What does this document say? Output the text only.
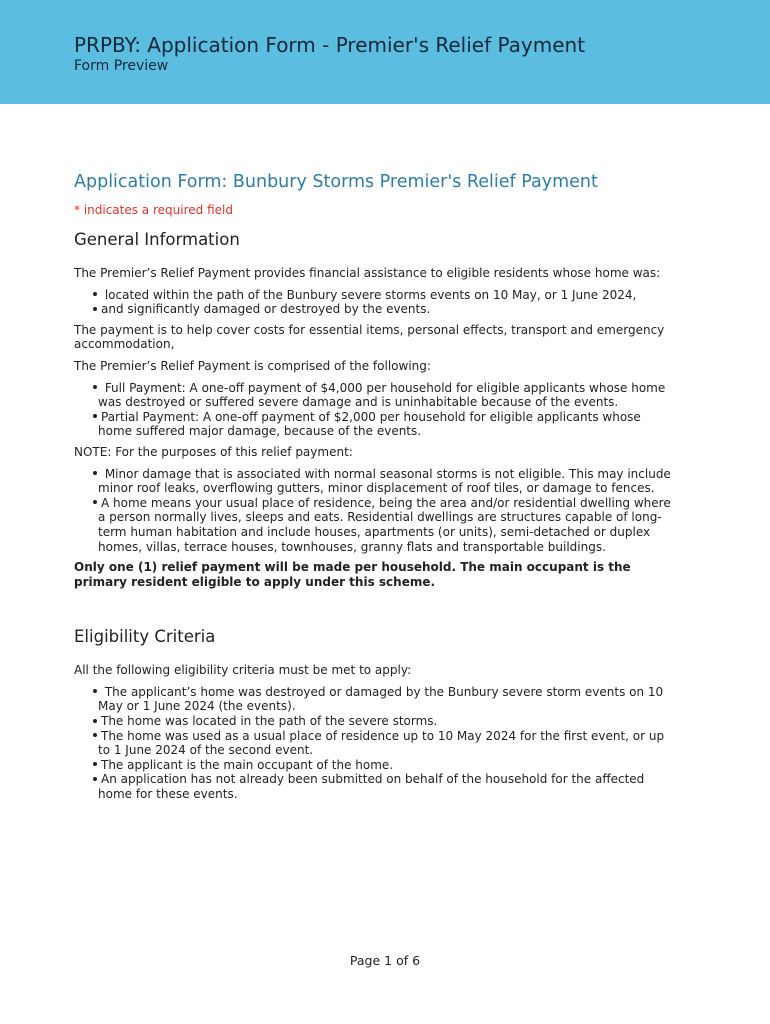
PRPBY: Application Form - Premier's Relief Payment
Form Preview
Application Form: Bunbury Storms Premier's Relief Payment
* indicates a required field
General Information
The Premier’s Relief Payment provides financial assistance to eligible residents whose home was:
located within the path of the Bunbury severe storms events on 10 May, or 1 June 2024,
and significantly damaged or destroyed by the events.
The payment is to help cover costs for essential items, personal effects, transport and emergency accommodation,
The Premier’s Relief Payment is comprised of the following:
Full Payment: A one-off payment of $4,000 per household for eligible applicants whose home was destroyed or suffered severe damage and is uninhabitable because of the events.
Partial Payment: A one-off payment of $2,000 per household for eligible applicants whose home suffered major damage, because of the events.
NOTE: For the purposes of this relief payment:
Minor damage that is associated with normal seasonal storms is not eligible. This may include minor roof leaks, overflowing gutters, minor displacement of roof tiles, or damage to fences.
A home means your usual place of residence, being the area and/or residential dwelling where a person normally lives, sleeps and eats. Residential dwellings are structures capable of long-term human habitation and include houses, apartments (or units), semi-detached or duplex homes, villas, terrace houses, townhouses, granny flats and transportable buildings.
Only one (1) relief payment will be made per household. The main occupant is the primary resident eligible to apply under this scheme.
Eligibility Criteria
All the following eligibility criteria must be met to apply:
The applicant’s home was destroyed or damaged by the Bunbury severe storm events on 10 May or 1 June 2024 (the events).
The home was located in the path of the severe storms.
The home was used as a usual place of residence up to 10 May 2024 for the first event, or up to 1 June 2024 of the second event.
The applicant is the main occupant of the home.
An application has not already been submitted on behalf of the household for the affected home for these events.
Page 1 of 6
